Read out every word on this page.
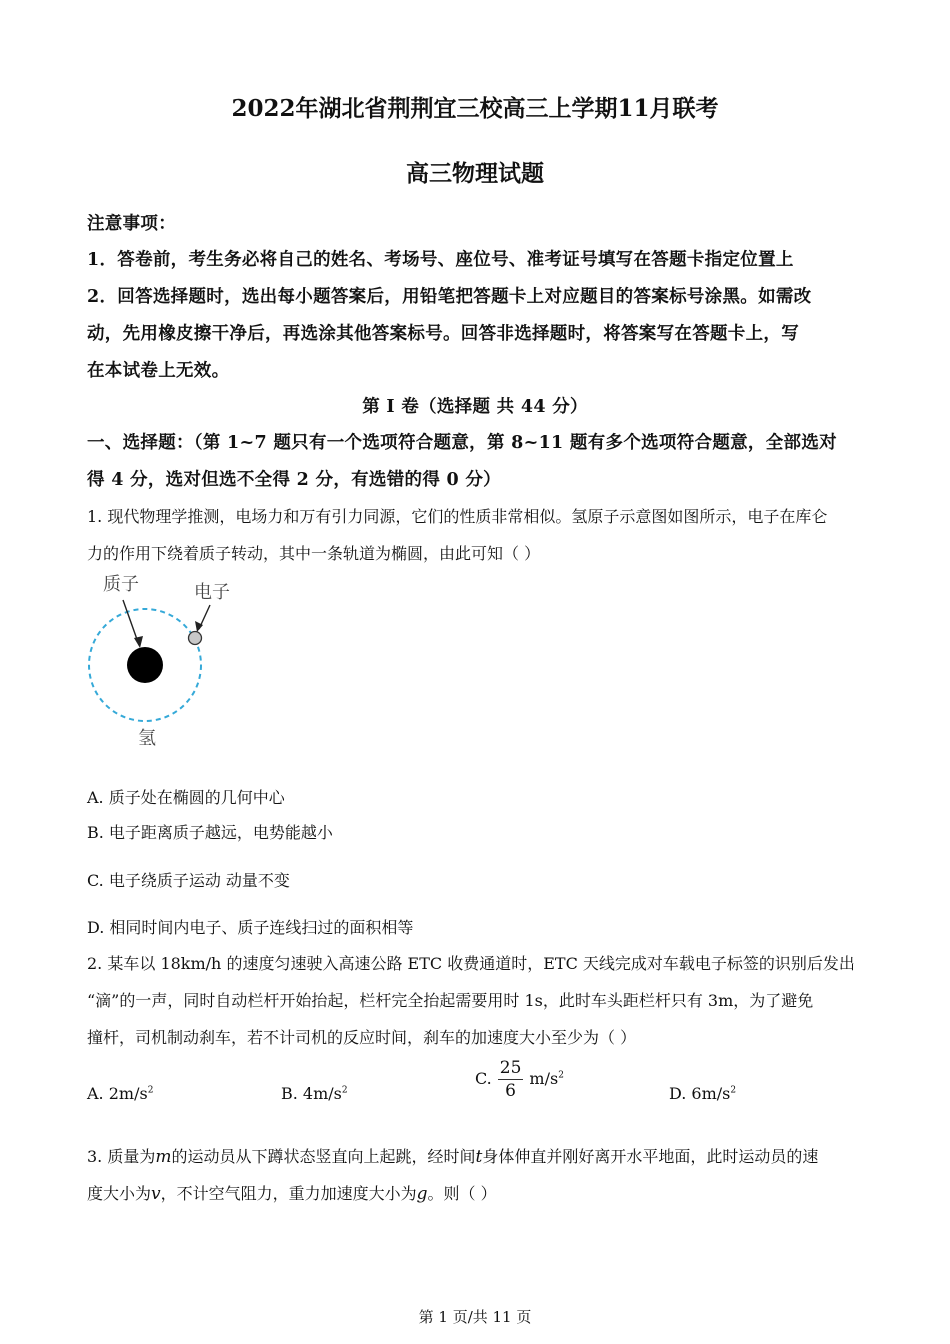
2022年湖北省荆荆宜三校高三上学期11月联考
高三物理试题
注意事项：
1．答卷前，考生务必将自己的姓名、考场号、座位号、准考证号填写在答题卡指定位置上
2．回答选择题时，选出每小题答案后，用铅笔把答题卡上对应题目的答案标号涂黑。如需改
动，先用橡皮擦干净后，再选涂其他答案标号。回答非选择题时，将答案写在答题卡上，写
在本试卷上无效。
第 I 卷（选择题 共 44 分）
一、选择题：（第 1~7 题只有一个选项符合题意，第 8~11 题有多个选项符合题意，全部选对
得 4 分，选对但选不全得 2 分，有选错的得 0 分）
1. 现代物理学推测，电场力和万有引力同源，它们的性质非常相似。氢原子示意图如图所示，电子在库仑
力的作用下绕着质子转动，其中一条轨道为椭圆，由此可知（ ）
质子	电子
氢
A. 质子处在椭圆的几何中心
B. 电子距离质子越远，电势能越小
C. 电子绕质子运动 动量不变
D. 相同时间内电子、质子连线扫过的面积相等
2. 某车以 18km/h 的速度匀速驶入高速公路 ETC 收费通道时，ETC 天线完成对车载电子标签的识别后发出
“滴”的一声，同时自动栏杆开始抬起，栏杆完全抬起需要用时 1s，此时车头距栏杆只有 3m，为了避免
撞杆，司机制动刹车，若不计司机的反应时间，刹车的加速度大小至少为（ ）
A. $2m/s^2$	B. $4m/s^2$
C. $\frac{25}{6} m/s^2$
D. $6m/s^2$
3. 质量为m的运动员从下蹲状态竖直向上起跳，经时间t身体伸直并刚好离开水平地面，此时运动员的速
度大小为v，不计空气阻力，重力加速度大小为g。则（ ）
第 1 页/共 11 页
